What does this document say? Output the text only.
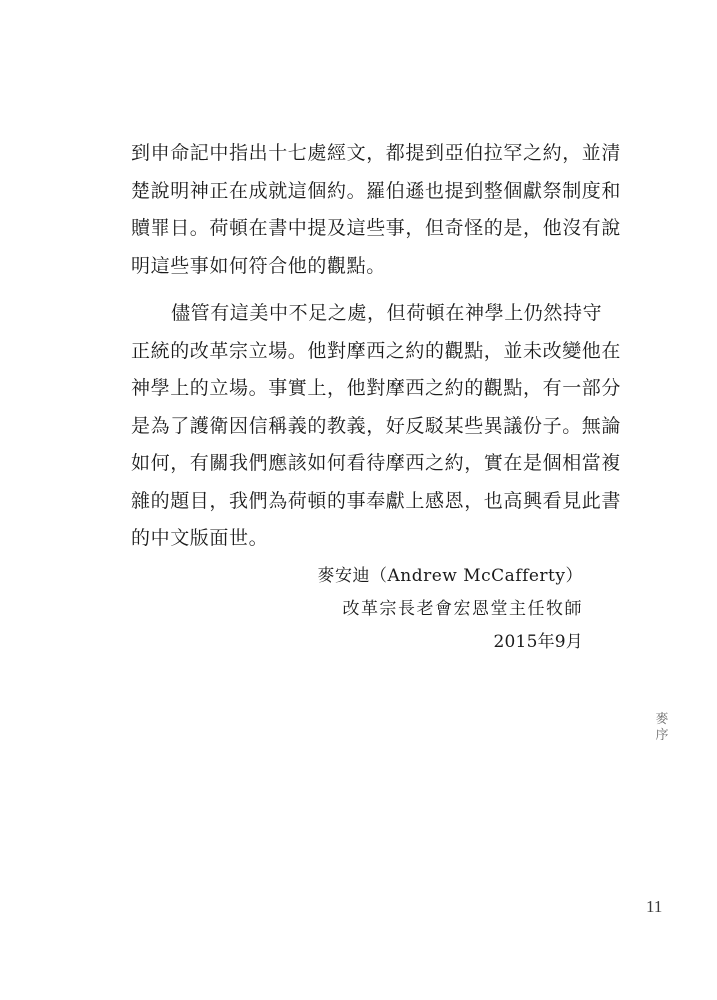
到申命記中指出十七處經文，都提到亞伯拉罕之約，並清
楚說明神正在成就這個約。羅伯遜也提到整個獻祭制度和
贖罪日。荷頓在書中提及這些事，但奇怪的是，他沒有說
明這些事如何符合他的觀點。
儘管有這美中不足之處，但荷頓在神學上仍然持守
正統的改革宗立場。他對摩西之約的觀點，並未改變他在
神學上的立場。事實上，他對摩西之約的觀點，有一部分
是為了護衛因信稱義的教義，好反駁某些異議份子。無論
如何，有關我們應該如何看待摩西之約，實在是個相當複
雜的題目，我們為荷頓的事奉獻上感恩，也高興看見此書
的中文版面世。
麥安迪（Andrew McCafferty）
改革宗長老會宏恩堂主任牧師
2015年9月
麥
序
11
